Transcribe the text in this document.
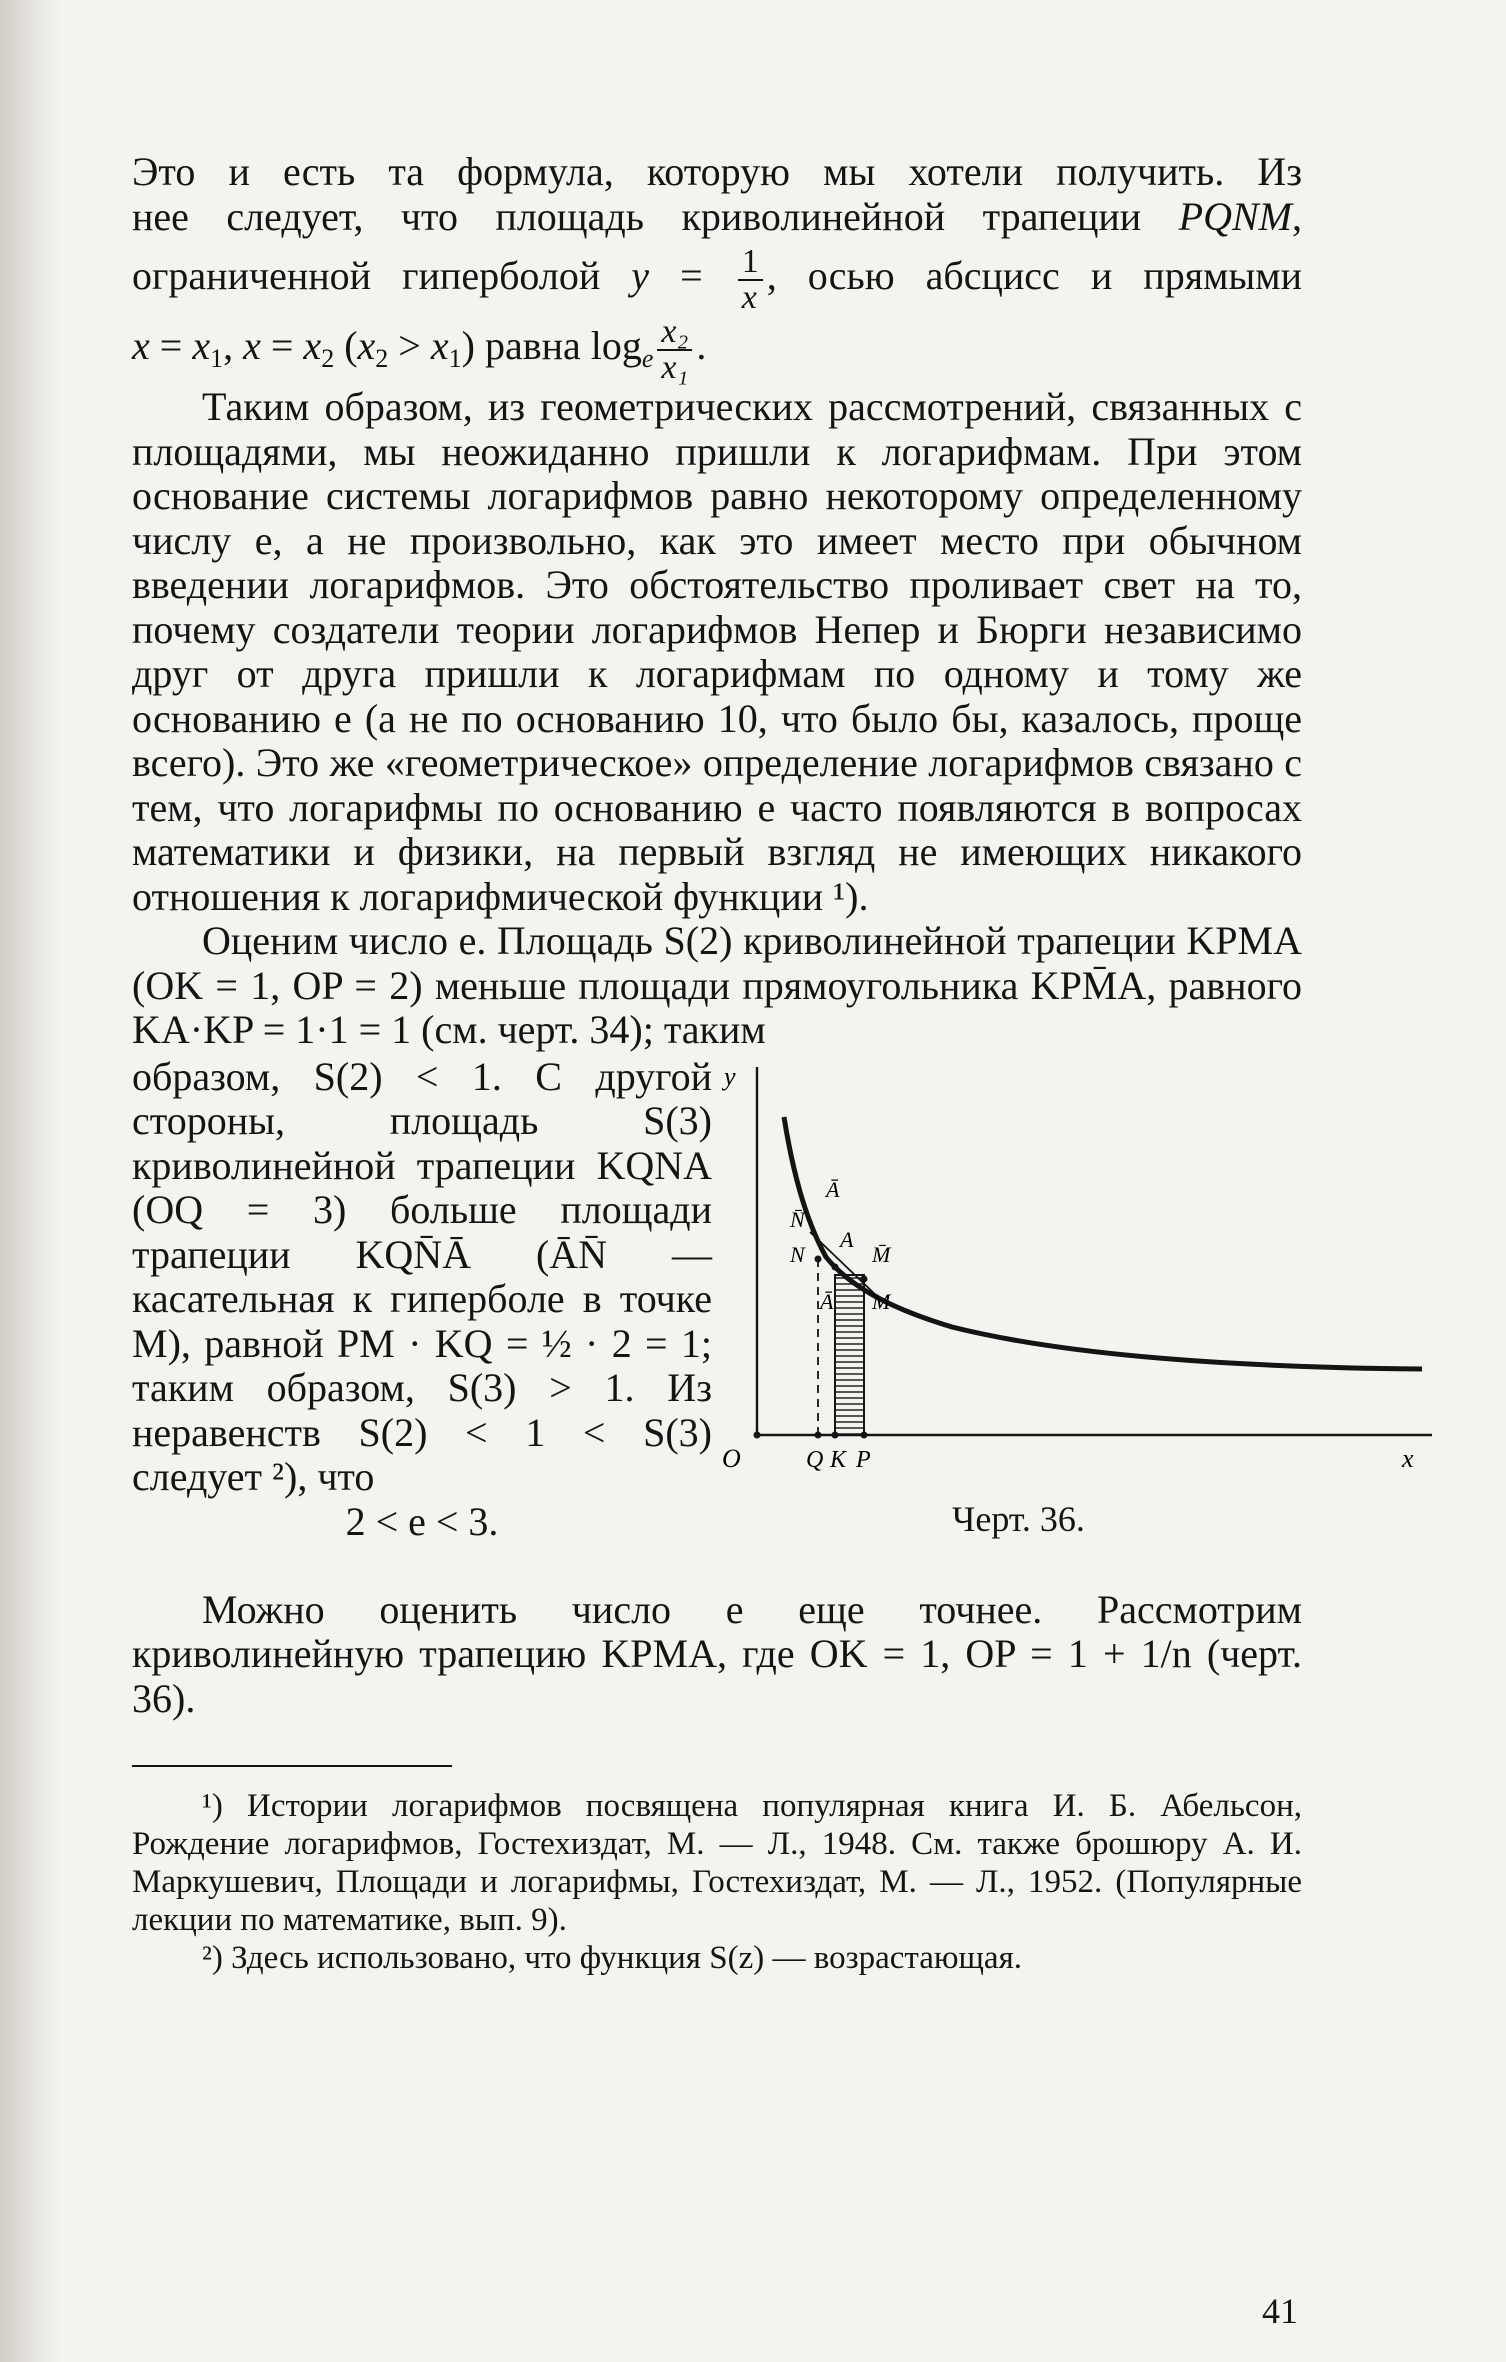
Это и есть та формула, которую мы хотели получить. Из

нее следует, что площадь криволинейной трапеции PQNM,

ограниченной гиперболой $y = \frac{1}{x}$ , осью абсцисс и прямыми

$x = x_1$, $x = x_2$ $(x_2 > x_1)$ равна $\log_e \frac{\text{x₂}}{\text{x₁}}$ .

Таким образом, из геометрических рассмотрений, связанных с площадями, мы неожиданно пришли к логарифмам. При этом основание системы логарифмов равно некоторому определенному числу e, а не произвольно, как это имеет место при обычном введении логарифмов. Это обстоятельство проливает свет на то, почему создатели теории логарифмов Непер и Бюрги независимо друг от друга пришли к логарифмам по одному и тому же основанию e (а не по основанию 10, что было бы, казалось, проще всего). Это же «геометрическое» определение логарифмов связано с тем, что логарифмы по основанию e часто появляются в вопросах математики и физики, на первый взгляд не имеющих никакого отношения к логарифмической функции ¹).

Оценим число e. Площадь S(2) криволинейной трапеции KPMA (OK = 1, OP = 2) меньше площади прямоугольника KPM̄A, равного KA·KP = 1·1 = 1 (см. черт. 34); таким

образом, S(2) < 1. С другой стороны, площадь S(3) криволинейной трапеции KQNA (OQ = 3) больше площади трапеции KQN̄Ā (ĀN̄ — касательная к гиперболе в точке M), равной PM · KQ = ½ · 2 = 1; таким образом, S(3) > 1. Из неравенств S(2) < 1 < S(3) следует ²), что

2 < e < 3.

y
x
O	Q K P
N̄
N
Ā
A
M̄
M
Ā
Черт. 36.

Можно оценить число e еще точнее. Рассмотрим криволинейную трапецию KPMA, где OK = 1, OP = 1 + 1/n (черт. 36).

¹) Истории логарифмов посвящена популярная книга И. Б. Абельсон, Рождение логарифмов, Гостехиздат, М. — Л., 1948. См. также брошюру А. И. Маркушевич, Площади и логарифмы, Гостехиздат, М. — Л., 1952. (Популярные лекции по математике, вып. 9).

²) Здесь использовано, что функция S(z) — возрастающая.

41
